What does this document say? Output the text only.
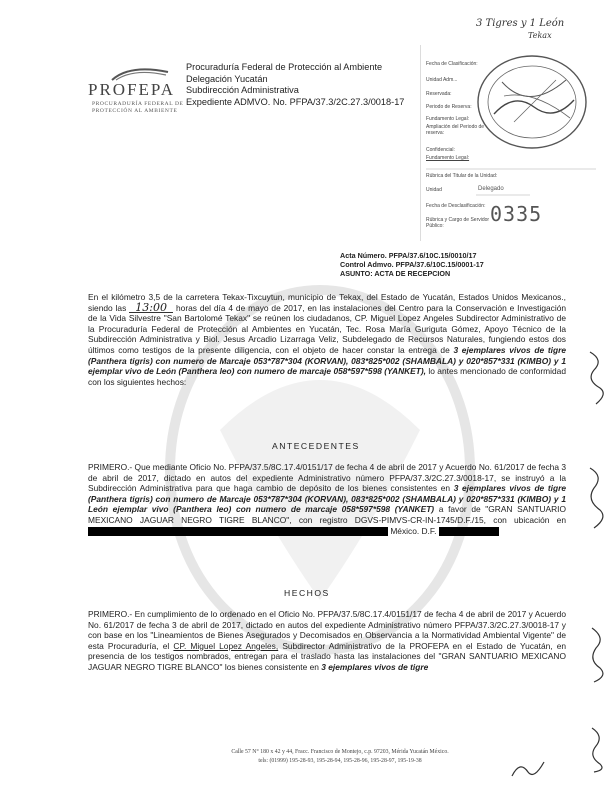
3 Tigres y 1 León
Tekax
PROFEPA
PROCURADURÍA FEDERAL DE PROTECCIÓN AL AMBIENTE
Procuraduría Federal de Protección al Ambiente
Delegación Yucatán
Subdirección Administrativa
Expediente ADMVO. No. PFPA/37.3/2C.27.3/0018-17
Fecha de Clasificación:
Unidad Adm...
Reservada:
Periodo de Reserva:
Fundamento Legal:
Ampliación del Periodo de reserva:
Confidencial:
Fundamento Legal:
Rúbrica del Titular de la Unidad:
Unidad	Delegado
Fecha de Desclasificación:
Rúbrica y Cargo de Servidor Público:	0335
Acta Número. PFPA/37.6/10C.15/0010/17
Control Admvo. PFPA/37.6/10C.15/0001-17
ASUNTO: ACTA DE RECEPCION

En el kilómetro 3,5 de la carretera Tekax-Tixcuytun, municipio de Tekax, del Estado de Yucatán, Estados Unidos Mexicanos., siendo las 13:00 horas del día 4 de mayo de 2017, en las instalaciones del Centro para la Conservación e Investigación de la Vida Silvestre "San Bartolomé Tekax" se reúnen los ciudadanos, CP. Miguel Lopez Angeles Subdirector Administrativo de la Procuraduría Federal de Protección al Ambientes en Yucatán, Tec. Rosa María Guriguta Gómez, Apoyo Técnico de la Subdirección Administrativa y Biol. Jesus Arcadio Lizarraga Veliz, Subdelegado de Recursos Naturales, fungiendo estos dos últimos como testigos de la presente diligencia, con el objeto de hacer constar la entrega de 3 ejemplares vivos de tigre (Panthera tigris) con numero de Marcaje 053*787*304 (KORVAN), 083*825*002 (SHAMBALA) y 020*857*331 (KIMBO) y 1 ejemplar vivo de León (Panthera leo) con numero de marcaje 058*597*598 (YANKET), lo antes mencionado de conformidad con los siguientes hechos:

ANTECEDENTES

PRIMERO.- Que mediante Oficio No. PFPA/37.5/8C.17.4/0151/17 de fecha 4 de abril de 2017 y Acuerdo No. 61/2017 de fecha 3 de abril de 2017, dictado en autos del expediente Administrativo número PFPA/37.3/2C.27.3/0018-17, se instruyó a la Subdirección Administrativa para que haga cambio de depósito de los bienes consistentes en 3 ejemplares vivos de tigre (Panthera tigris) con numero de Marcaje 053*787*304 (KORVAN), 083*825*002 (SHAMBALA) y 020*857*331 (KIMBO) y 1 León ejemplar vivo (Panthera leo) con numero de marcaje 058*597*598 (YANKET) a favor de "GRAN SANTUARIO MEXICANO JAGUAR NEGRO TIGRE BLANCO", con registro DGVS-PIMVS-CR-IN-1745/D.F./15, con ubicación en  México. D.F.

HECHOS

PRIMERO.- En cumplimiento de lo ordenado en el Oficio No. PFPA/37.5/8C.17.4/0151/17 de fecha 4 de abril de 2017 y Acuerdo No. 61/2017 de fecha 3 de abril de 2017, dictado en autos del expediente Administrativo número PFPA/37.3/2C.27.3/0018-17 y con base en los "Lineamientos de Bienes Asegurados y Decomisados en Observancia a la Normatividad Ambiental Vigente" de esta Procuraduría, el CP. Miguel Lopez Angeles, Subdirector Administrativo de la PROFEPA en el Estado de Yucatán, en presencia de los testigos nombrados, entregan para el traslado hasta las instalaciones del "GRAN SANTUARIO MEXICANO JAGUAR NEGRO TIGRE BLANCO" los bienes consistente en 3 ejemplares vivos de tigre

Calle 57 N° 180 x 42 y 44, Fracc. Francisco de Montejo, c.p. 97203, Mérida Yucatán México.
tels: (01999) 195-28-93, 195-28-94, 195-28-96, 195-28-97, 195-19-38
